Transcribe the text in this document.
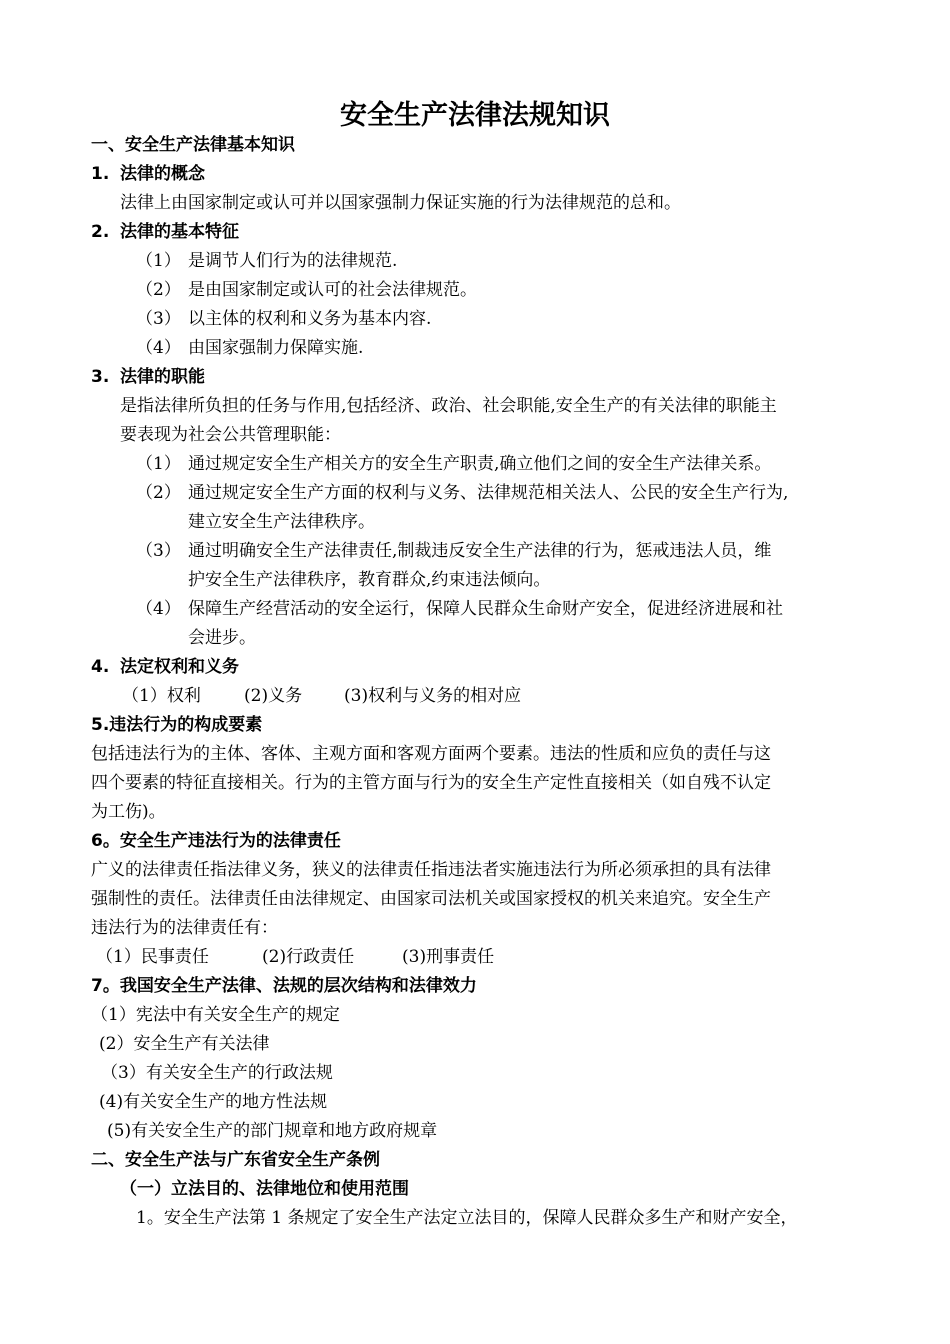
安全生产法律法规知识
一、安全生产法律基本知识
1. 法律的概念
法律上由国家制定或认可并以国家强制力保证实施的行为法律规范的总和。
2. 法律的基本特征
（1） 是调节人们行为的法律规范.
（2） 是由国家制定或认可的社会法律规范。
（3） 以主体的权利和义务为基本内容.
（4） 由国家强制力保障实施.
3. 法律的职能
是指法律所负担的任务与作用,包括经济、政治、社会职能,安全生产的有关法律的职能主
要表现为社会公共管理职能：
（1） 通过规定安全生产相关方的安全生产职责,确立他们之间的安全生产法律关系。
（2） 通过规定安全生产方面的权利与义务、法律规范相关法人、公民的安全生产行为,
建立安全生产法律秩序。
（3） 通过明确安全生产法律责任,制裁违反安全生产法律的行为，惩戒违法人员，维
护安全生产法律秩序，教育群众,约束违法倾向。
（4） 保障生产经营活动的安全运行，保障人民群众生命财产安全，促进经济进展和社
会进步。
4. 法定权利和义务
（1）权利	(2)义务 (3)权利与义务的相对应
5.违法行为的构成要素
包括违法行为的主体、客体、主观方面和客观方面两个要素。违法的性质和应负的责任与这
四个要素的特征直接相关。行为的主管方面与行为的安全生产定性直接相关（如自残不认定
为工伤)。
6。安全生产违法行为的法律责任
广义的法律责任指法律义务，狭义的法律责任指违法者实施违法行为所必须承担的具有法律
强制性的责任。法律责任由法律规定、由国家司法机关或国家授权的机关来追究。安全生产
违法行为的法律责任有：
（1）民事责任	(2)行政责任	(3)刑事责任
7。我国安全生产法律、法规的层次结构和法律效力
（1）宪法中有关安全生产的规定
(2）安全生产有关法律
（3）有关安全生产的行政法规
(4)有关安全生产的地方性法规
(5)有关安全生产的部门规章和地方政府规章
二、安全生产法与广东省安全生产条例
（一）立法目的、法律地位和使用范围
1。安全生产法第 1 条规定了安全生产法定立法目的，保障人民群众多生产和财产安全，
